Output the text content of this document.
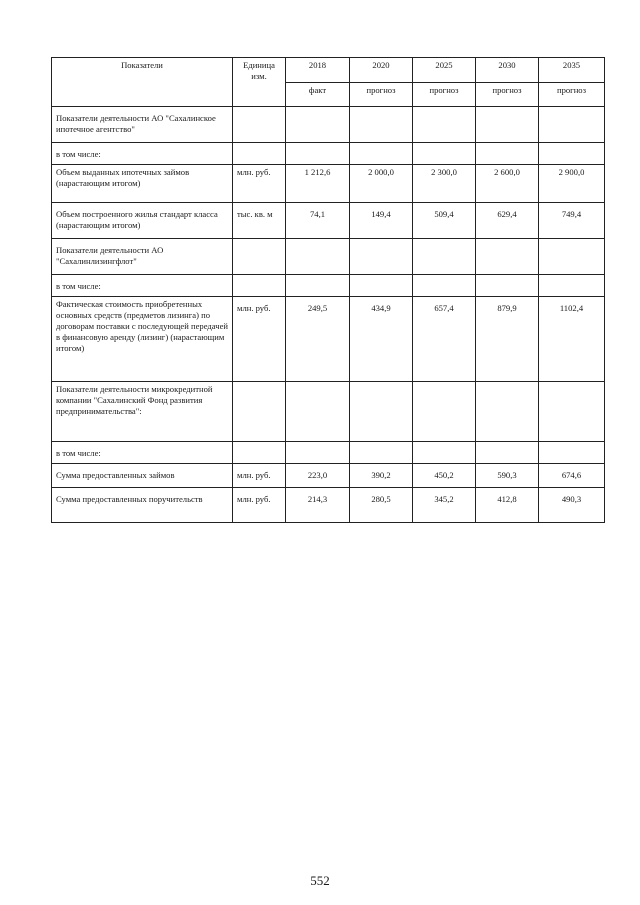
Показатели	Единица изм.	2018	2020	2025	2030	2035
		факт	прогноз	прогноз	прогноз	прогноз
Показатели деятельности АО "Сахалинское ипотечное агентство"						
в том числе:						
Объем выданных ипотечных займов (нарастающим итогом)	млн. руб.	1 212,6	2 000,0	2 300,0	2 600,0	2 900,0
Объем построенного жилья стандарт класса (нарастающим итогом)	тыс. кв. м	74,1	149,4	509,4	629,4	749,4
Показатели деятельности АО "Сахалинлизингфлот"						
в том числе:						
Фактическая стоимость приобретенных основных средств (предметов лизинга) по договорам поставки с последующей передачей в финансовую аренду (лизинг) (нарастающим итогом)	млн. руб.	249,5	434,9	657,4	879,9	1102,4
Показатели деятельности микрокредитной компании "Сахалинский Фонд развития предпринимательства":						
в том числе:						
Сумма предоставленных займов	млн. руб.	223,0	390,2	450,2	590,3	674,6
Сумма предоставленных поручительств	млн. руб.	214,3	280,5	345,2	412,8	490,3
552
